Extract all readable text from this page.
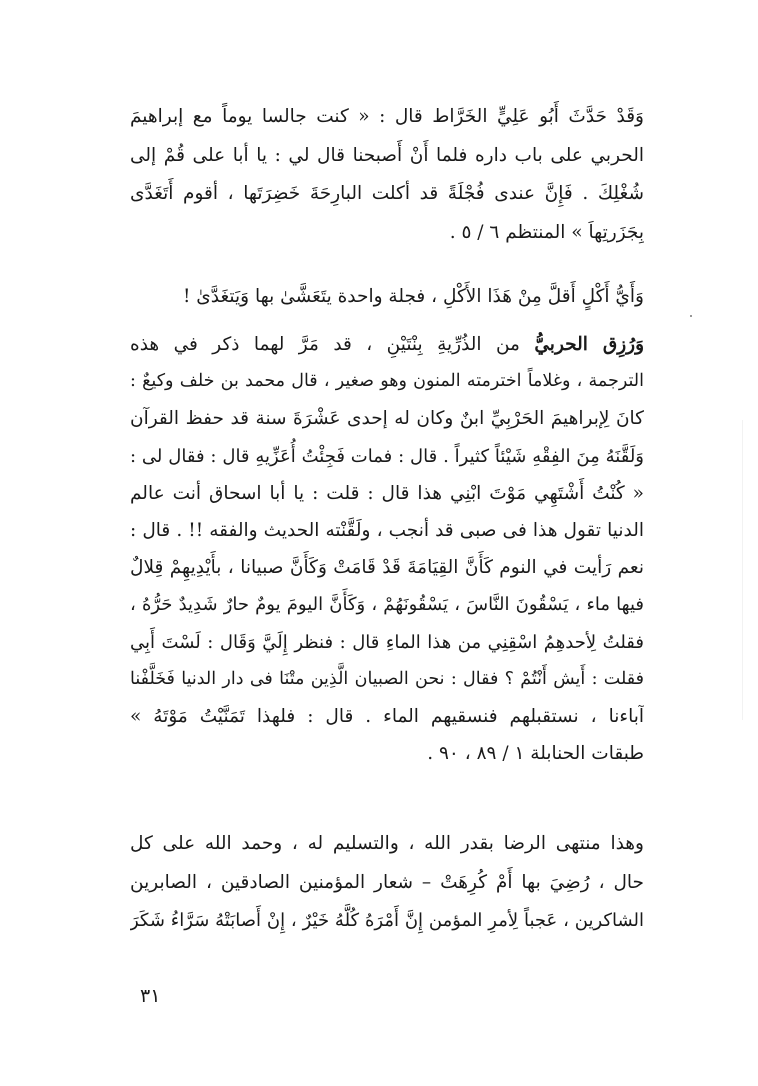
وَقَدْ حَدَّثَ أَبُو عَلِيٍّ الخَرَّاط قال : « كنت جالسا يوماً مع إبراهيمَ
الحربي على باب داره فلما أَنْ أَصبحنا قال لي : يا أبا على قُمْ إلى
شُغْلِكَ . فَإِنَّ عندى فُجْلَةً قد أكلت البارِحَةَ خَضِرَتَها ، أقوم أَتَغَدَّى
بِجَزَرتِهاَ » المنتظم ٦ / ٥ .
وَأَيُّ أَكْلٍ أَقلَّ مِنْ هَذَا الأَكْلِ ، فجلة واحدة يتَعَشَّىٰ بها وَيَتغَدَّىٰ !
وَرُزِق الحربيُّ من الذُرِّيةِ بِنْتَيْنِ ، قد مَرَّ لهما ذكر في هذه
الترجمة ، وغلاماً اخترمته المنون وهو صغير ، قال محمد بن خلف وكيعٌ :
كانَ لِإبراهيمَ الحَرْبِيِّ ابنٌ وكان له إحدى عَشْرَةَ سنة قد حفظ القرآن
وَلَقَّنَهُ مِنَ الفِقْهِ شَيْئاً كثيراً . قال : فمات فَجِئْتُ أُعَزِّيهِ قال : فقال لى :
« كُنْتُ أَشْتَهِي مَوْتَ ابْنِي هذا قال : قلت : يا أبا اسحاق أنت عالم
الدنيا تقول هذا فى صبى قد أنجب ، ولَقَّنْته الحديث والفقه !! . قال :
نعم رَأيت في النوم كَأَنَّ القِيَامَةَ قَدْ قَامَتْ وَكَأَنَّ صبيانا ، بأَيْدِيهِمْ قِلالٌ
فيها ماء ، يَسْقُونَ النَّاسَ ، يَسْقُونَهُمْ ، وَكَأَنَّ اليومَ يومٌ حارٌ شَدِيدٌ حَرُّهُ ،
فقلتُ لِأحدهِمُ اسْقِنِي من هذا الماءِ قال : فنظر إِلَيَّ وَقَال : لَسْتَ أَبِي
فقلت : أَيش أَنْتُمْ ؟ فقال : نحن الصبيان الَّذِين متْنَا فى دار الدنيا فَخَلَّفْنا
آباءنا ، نستقبلهم فنسقيهم الماء . قال : فلهذا تَمَنَّيْتُ مَوْتَهُ »
طبقات الحنابلة ١ / ٨٩ ، ٩٠ .
وهذا منتهى الرضا بقدر الله ، والتسليم له ، وحمد الله على كل
حال ، رُضِيَ بها أَمْ كُرِهَتْ – شعار المؤمنين الصادقين ، الصابرين
الشاكرين ، عَجباً لِأمرِ المؤمن إِنَّ أَمْرَهُ كُلَّهُ خَيْرٌ ، إِنْ أَصابَتْهُ سَرَّاءُ شَكَرَ
٣١
